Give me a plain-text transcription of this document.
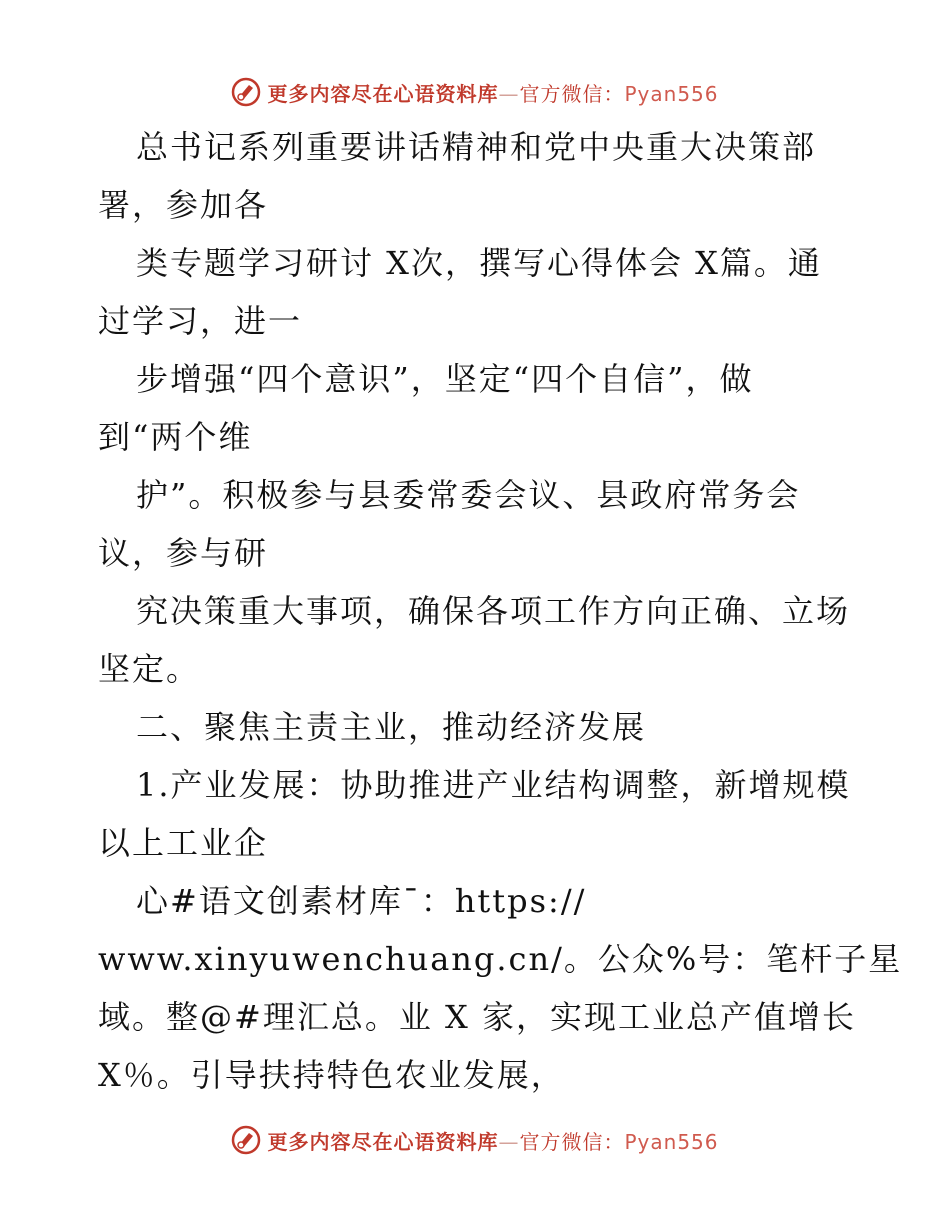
更多内容尽在心语资料库—官方微信：Pyan556
总书记系列重要讲话精神和党中央重大决策部
署，参加各
类专题学习研讨 X次，撰写心得体会 X篇。通
过学习，进一
步增强“四个意识”，坚定“四个自信”，做
到“两个维
护”。积极参与县委常委会议、县政府常务会
议，参与研
究决策重大事项，确保各项工作方向正确、立场
坚定。
二、聚焦主责主业，推动经济发展
1.产业发展：协助推进产业结构调整，新增规模
以上工业企
心#语文创素材库¯：https://
www.xinyuwenchuang.cn/。公众%号：笔杆子星
域。整@#理汇总。业 X 家，实现工业总产值增长
X％。引导扶持特色农业发展，
更多内容尽在心语资料库—官方微信：Pyan556
